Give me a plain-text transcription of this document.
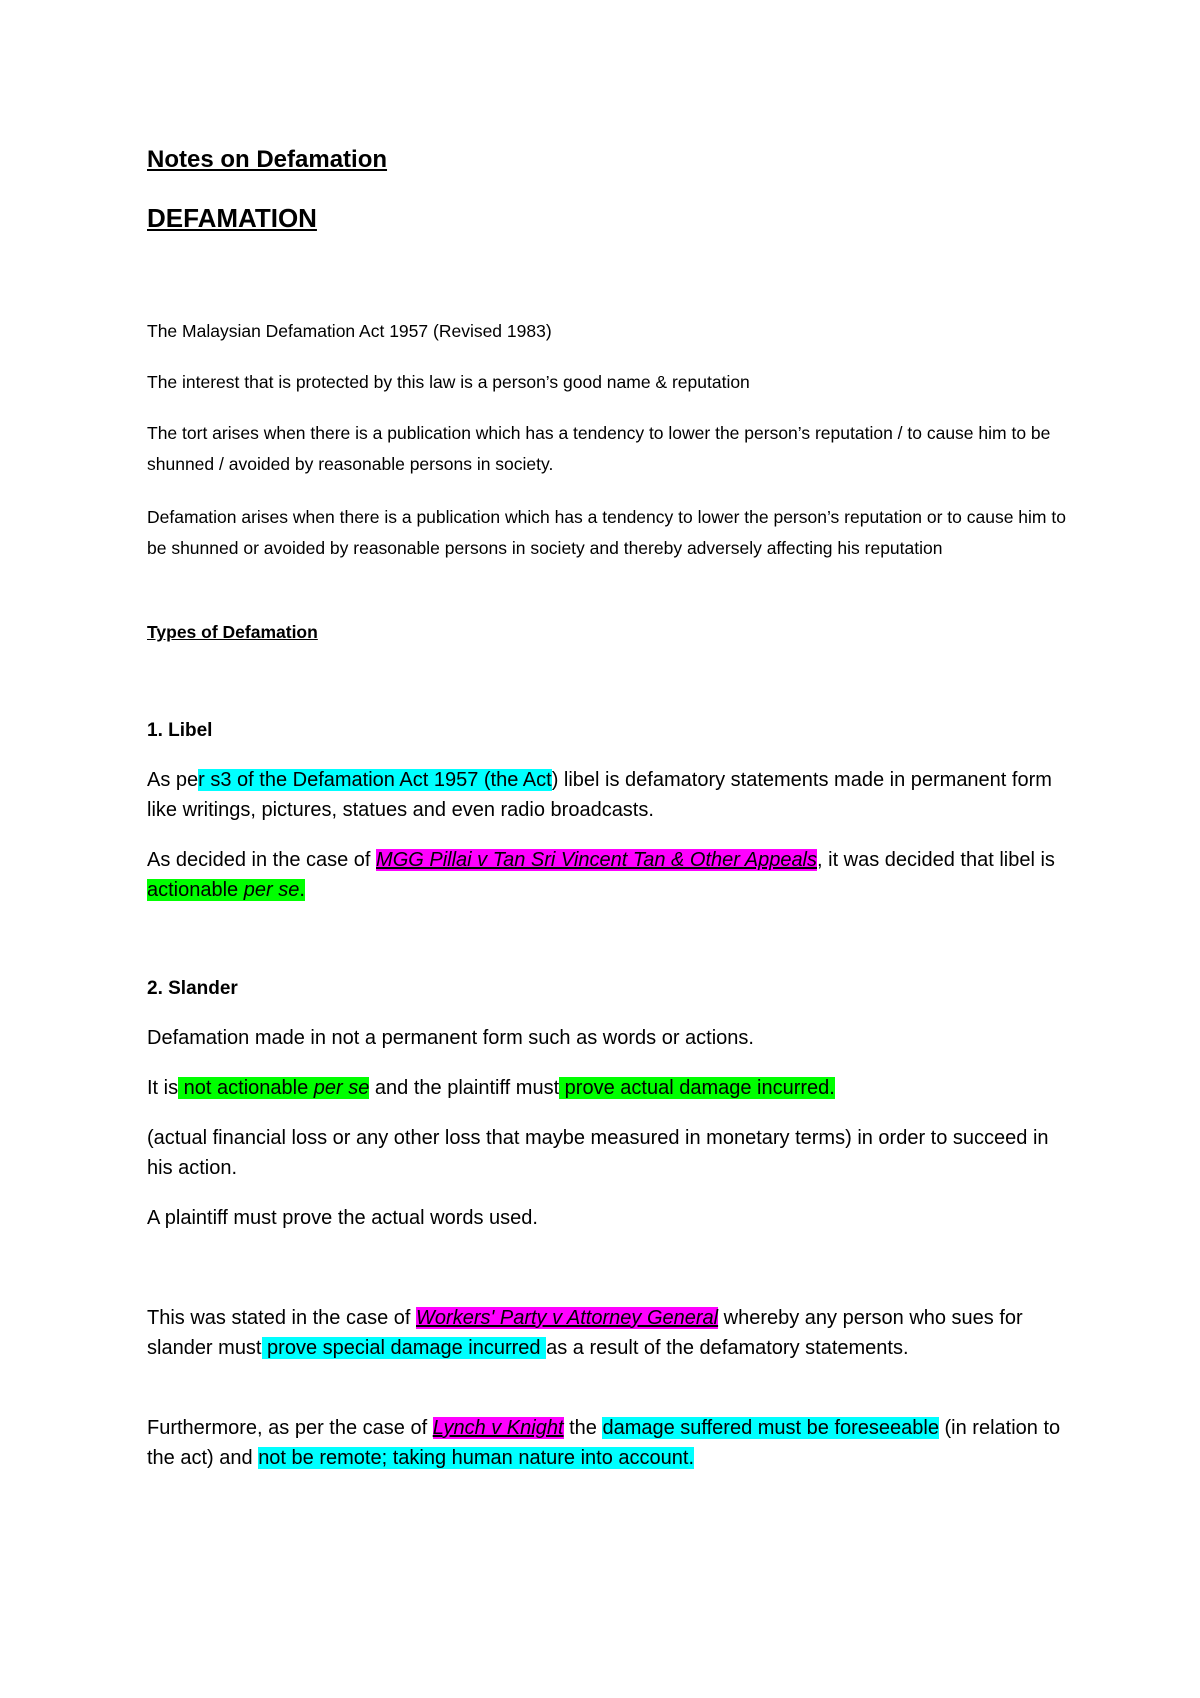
Notes on Defamation
DEFAMATION

The Malaysian Defamation Act 1957 (Revised 1983)

The interest that is protected by this law is a person’s good name & reputation

The tort arises when there is a publication which has a tendency to lower the person’s reputation / to cause him to be shunned / avoided by reasonable persons in society.

Defamation arises when there is a publication which has a tendency to lower the person’s reputation or to cause him to be shunned or avoided by reasonable persons in society and thereby adversely affecting his reputation

Types of Defamation

1. Libel

As per s3 of the Defamation Act 1957 (the Act) libel is defamatory statements made in permanent form like writings, pictures, statues and even radio broadcasts.

As decided in the case of MGG Pillai v Tan Sri Vincent Tan & Other Appeals, it was decided that libel is actionable per se.

2. Slander

Defamation made in not a permanent form such as words or actions.

It is not actionable per se and the plaintiff must prove actual damage incurred.

(actual financial loss or any other loss that maybe measured in monetary terms) in order to succeed in his action.

A plaintiff must prove the actual words used.

This was stated in the case of Workers' Party v Attorney General whereby any person who sues for slander must prove special damage incurred as a result of the defamatory statements.

Furthermore, as per the case of Lynch v Knight the damage suffered must be foreseeable (in relation to the act) and not be remote; taking human nature into account.
